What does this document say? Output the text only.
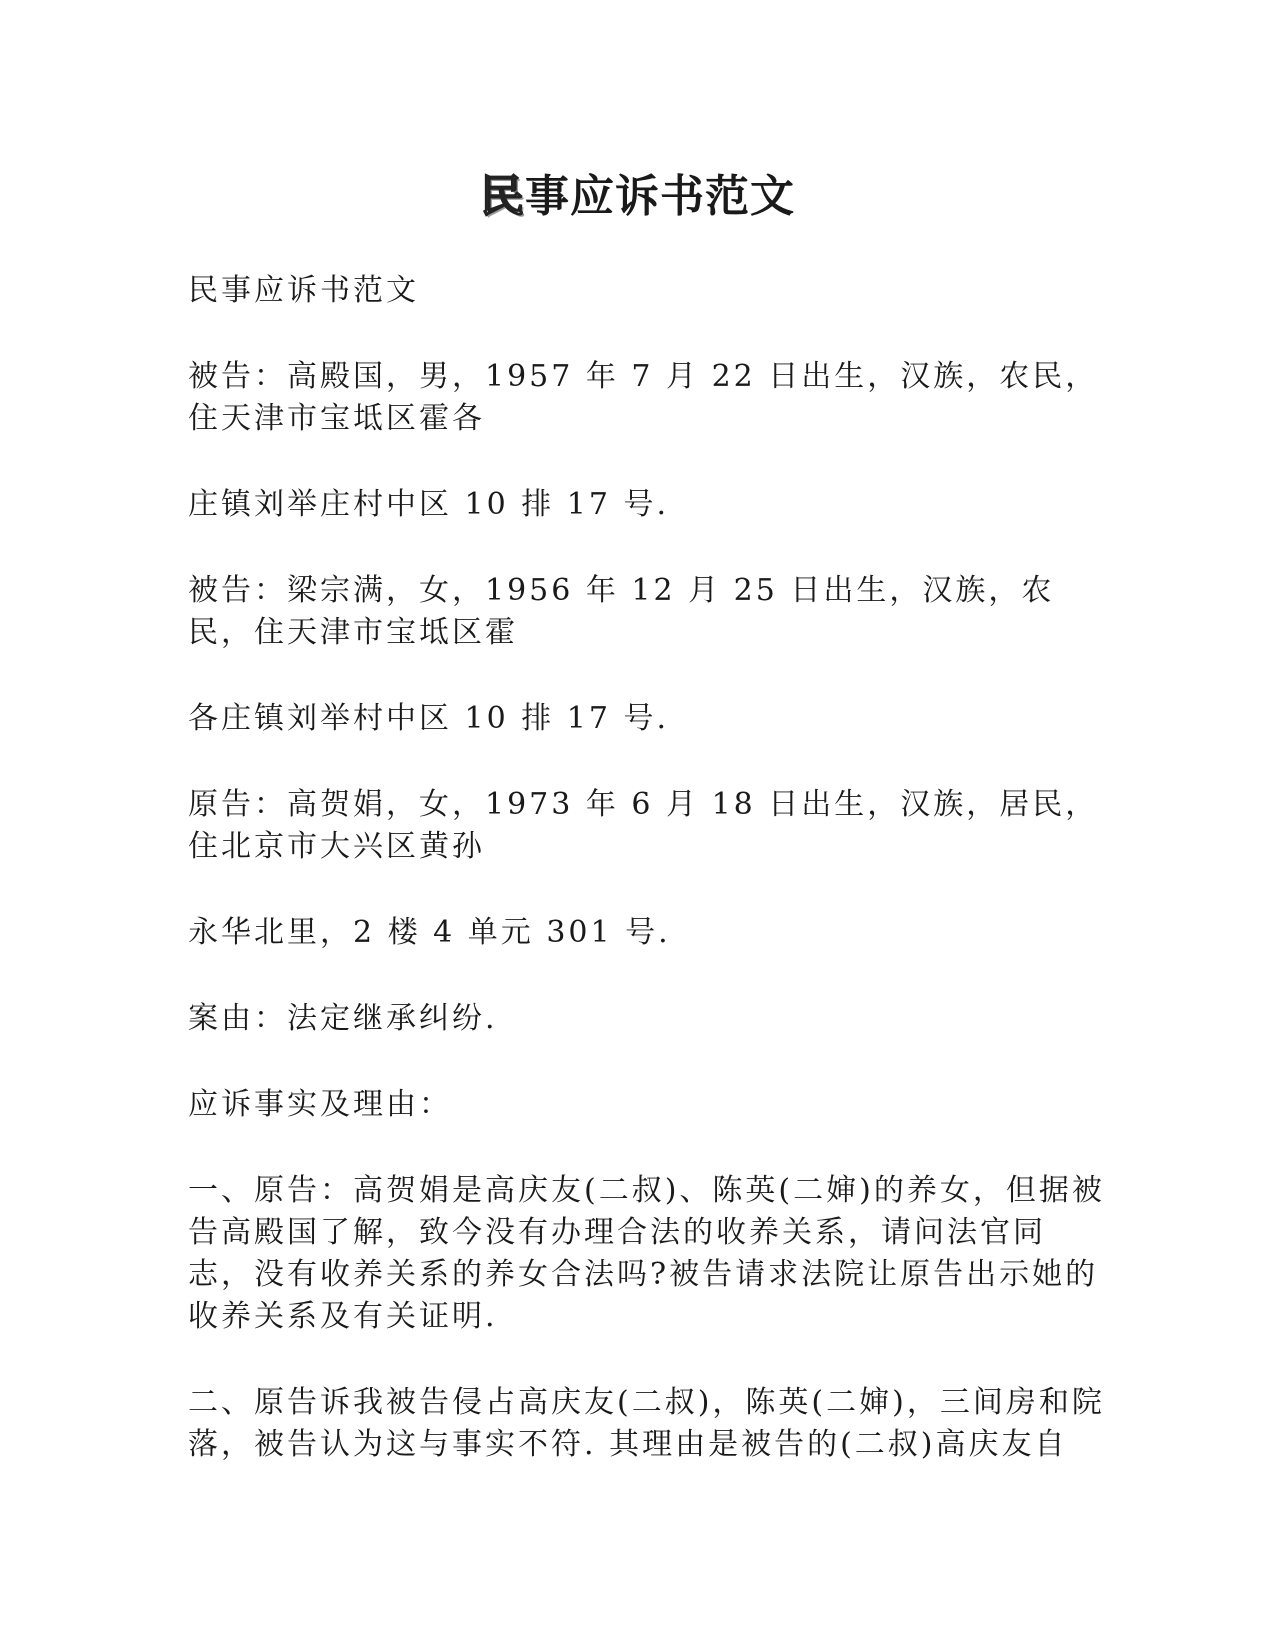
民事应诉书范文

民事应诉书范文

被告：高殿国，男，1957 年 7 月 22 日出生，汉族，农民，住天津市宝坻区霍各

庄镇刘举庄村中区 10 排 17 号.

被告：梁宗满，女，1956 年 12 月 25 日出生，汉族，农民，住天津市宝坻区霍

各庄镇刘举村中区 10 排 17 号.

原告：高贺娟，女，1973 年 6 月 18 日出生，汉族，居民，住北京市大兴区黄孙

永华北里，2 楼 4 单元 301 号.

案由：法定继承纠纷.

应诉事实及理由：

一、原告：高贺娟是高庆友(二叔)、陈英(二婶)的养女，但据被告高殿国了解，致今没有办理合法的收养关系，请问法官同志，没有收养关系的养女合法吗?被告请求法院让原告出示她的收养关系及有关证明.

二、原告诉我被告侵占高庆友(二叔)，陈英(二婶)，三间房和院落，被告认为这与事实不符. 其理由是被告的(二叔)高庆友自
